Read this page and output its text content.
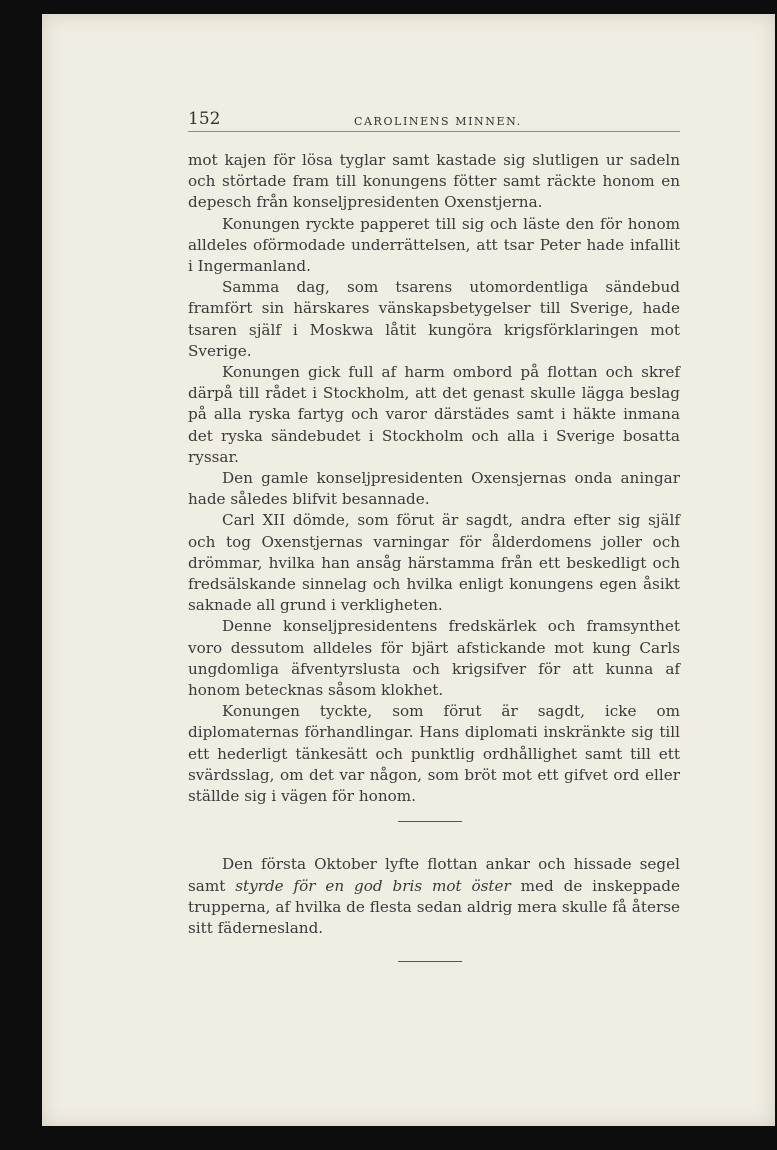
152	CAROLINENS MINNEN.

mot kajen för lösa tyglar samt kastade sig slutligen ur sadeln och störtade fram till konungens fötter samt räckte honom en depesch från konseljpresidenten Oxenstjerna.

Konungen ryckte papperet till sig och läste den för honom alldeles oförmodade underrättelsen, att tsar Peter hade infallit i Ingermanland.

Samma dag, som tsarens utomordentliga sändebud framfört sin härskares vänskapsbetygelser till Sverige, hade tsaren själf i Moskwa låtit kungöra krigsförklaringen mot Sverige.

Konungen gick full af harm ombord på flottan och skref därpå till rådet i Stockholm, att det genast skulle lägga beslag på alla ryska fartyg och varor därstädes samt i häkte inmana det ryska sändebudet i Stockholm och alla i Sverige bosatta ryssar.

Den gamle konseljpresidenten Oxensjernas onda aningar hade således blifvit besannade.

Carl XII dömde, som förut är sagdt, andra efter sig själf och tog Oxenstjernas varningar för ålderdomens joller och drömmar, hvilka han ansåg härstamma från ett beskedligt och fredsälskande sinnelag och hvilka enligt konungens egen åsikt saknade all grund i verkligheten.

Denne konseljpresidentens fredskärlek och framsynthet voro dessutom alldeles för bjärt afstickande mot kung Carls ungdomliga äfventyrslusta och krigsifver för att kunna af honom betecknas såsom klokhet.

Konungen tyckte, som förut är sagdt, icke om diplomaternas förhandlingar. Hans diplomati inskränkte sig till ett hederligt tänkesätt och punktlig ordhållighet samt till ett svärdsslag, om det var någon, som bröt mot ett gifvet ord eller ställde sig i vägen för honom.

Den första Oktober lyfte flottan ankar och hissade segel samt styrde för en god bris mot öster med de inskeppade trupperna, af hvilka de flesta sedan aldrig mera skulle få återse sitt fädernesland.
